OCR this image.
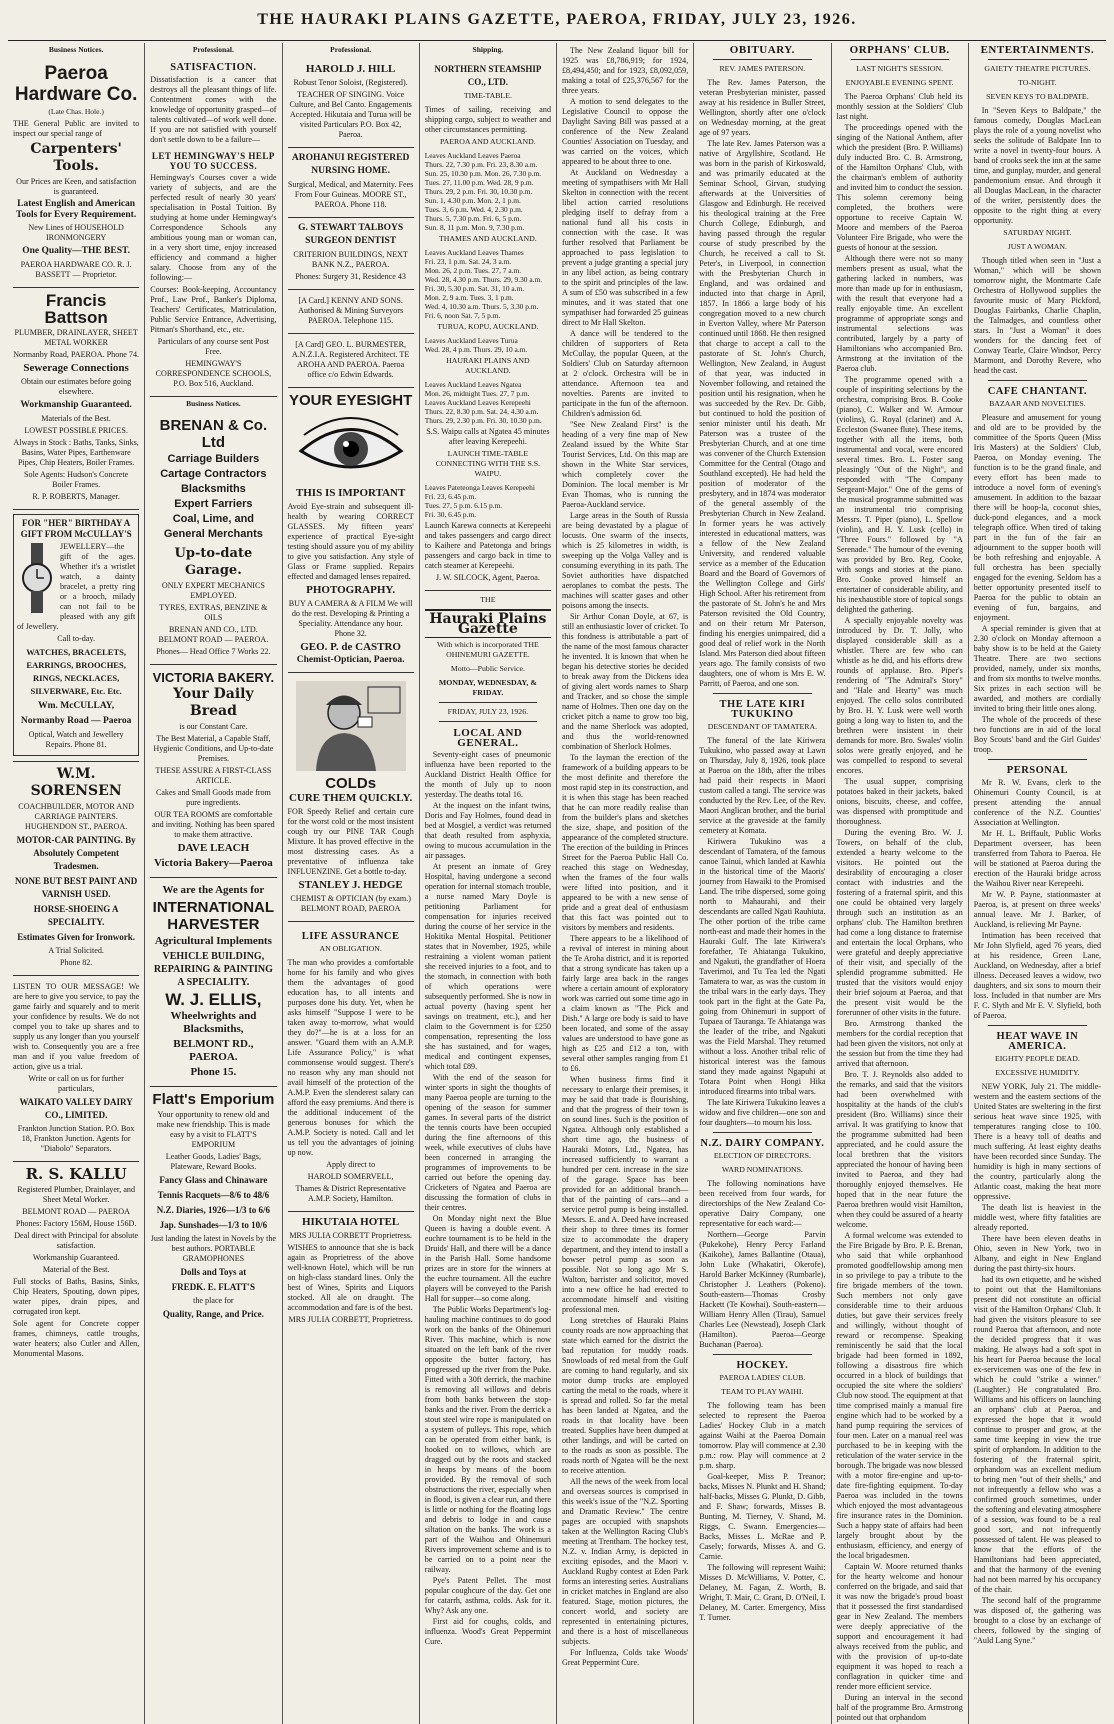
THE HAURAKI PLAINS GAZETTE, PAEROA, FRIDAY, JULY 23, 1926.
Business Notices.
Paeroa Hardware Co.

(Late Chas. Hole.)

THE General Public are invited to inspect our special range of

Carpenters' Tools.

Our Prices are Keen, and satisfaction is guaranteed.

Latest English and American Tools for Every Requirement.

New Lines of HOUSEHOLD IRONMONGERY

One Quality—THE BEST.

PAEROA HARDWARE CO. R. J. BASSETT — Proprietor.

Francis Battson

PLUMBER, DRAINLAYER, SHEET METAL WORKER

Normanby Road, PAEROA. Phone 74.

Sewerage Connections

Obtain our estimates before going elsewhere.

Workmanship Guaranteed.

Materials of the Best.

LOWEST POSSIBLE PRICES.

Always in Stock : Baths, Tanks, Sinks, Basins, Water Pipes, Earthenware Pipes, Chip Heaters, Boiler Frames.

Sole Agents: Hudson's Concrete Boiler Frames.

R. P. ROBERTS, Manager.

FOR "HER" BIRTHDAY A GIFT FROM McCULLAY'S

JEWELLERY—the gift of the ages. Whether it's a wristlet watch, a dainty bracelet, a pretty ring or a brooch, milady can not fail to be pleased with any gift of Jewellery.

Call to-day.

WATCHES, BRACELETS, EARRINGS, BROOCHES, RINGS, NECKLACES, SILVERWARE, Etc. Etc.

Wm. McCULLAY,

Normanby Road — Paeroa

Optical, Watch and Jewellery Repairs. Phone 81.

W.M. SORENSEN

COACHBUILDER, MOTOR AND CARRIAGE PAINTERS. HUGHENDON ST., PAEROA.

MOTOR-CAR PAINTING. By Absolutely Competent Tradesmen.

NONE BUT BEST PAINT AND VARNISH USED.

HORSE-SHOEING A SPECIALITY.

Estimates Given for Ironwork.

A Trial Solicited.

Phone 82.

LISTEN TO OUR MESSAGE! We are here to give you service, to pay the game fairly and squarely and to merit your confidence by results. We do not compel you to take up shares and to supply us any longer than you yourself wish to. Consequently you are a free man and if you value freedom of action, give us a trial.

Write or call on us for further particulars,

WAIKATO VALLEY DAIRY CO., LIMITED.

Frankton Junction Station. P.O. Box 18, Frankton Junction. Agents for "Diabolo" Separators.

R. S. KALLU

Registered Plumber, Drainlayer, and Sheet Metal Worker.

BELMONT ROAD — PAEROA

Phones: Factory 156M, House 156D.

Deal direct with Principal for absolute satisfaction.

Workmanship Guaranteed.

Material of the Best.

Full stocks of Baths, Basins, Sinks, Chip Heaters, Spouting, down pipes, water pipes, drain pipes, and corrugated iron kept.

Sole agent for Concrete copper frames, chimneys, cattle troughs, water heaters; also Cutler and Allen, Monumental Masons.

Professional.
SATISFACTION.

Dissatisfaction is a cancer that destroys all the pleasant things of life. Contentment comes with the knowledge of opportunity grasped—of talents cultivated—of work well done. If you are not satisfied with yourself don't settle down to be a failure—

LET HEMINGWAY'S HELP YOU TO SUCCESS.

Hemingway's Courses cover a wide variety of subjects, and are the perfected result of nearly 30 years' specialisation in Postal Tuition. By studying at home under Hemingway's Correspondence Schools any ambitious young man or woman can, in a very short time, enjoy increased efficiency and command a higher salary. Choose from any of the following:—

Courses: Book-keeping, Accountancy Prof., Law Prof., Banker's Diploma, Teachers' Certificates, Matriculation, Public Service Entrance, Advertising, Pitman's Shorthand, etc., etc.

Particulars of any course sent Post Free.

HEMINGWAY'S CORRESPONDENCE SCHOOLS, P.O. Box 516, Auckland.

Business Notices.
BRENAN & Co. Ltd

Carriage Builders

Cartage Contractors

Blacksmiths

Expert Farriers

Coal, Lime, and

General Merchants

Up-to-date Garage.

ONLY EXPERT MECHANICS EMPLOYED.

TYRES, EXTRAS, BENZINE & OILS

BRENAN AND CO., LTD. BELMONT ROAD — PAEROA.

Phones— Head Office 7 Works 22.

VICTORIA BAKERY.
Your Daily Bread

is our Constant Care.

The Best Material, a Capable Staff, Hygienic Conditions, and Up-to-date Premises.

THESE ASSURE A FIRST-CLASS ARTICLE.

Cakes and Small Goods made from pure ingredients.

OUR TEA ROOMS are comfortable and inviting. Nothing has been spared to make them attractive.

DAVE LEACH

Victoria Bakery—Paeroa

We are the Agents for

INTERNATIONAL HARVESTER

Agricultural Implements

VEHICLE BUILDING, REPAIRING & PAINTING A SPECIALITY.

W. J. ELLIS,

Wheelwrights and Blacksmiths,

BELMONT RD., PAEROA.

Phone 15.

Flatt's Emporium

Your opportunity to renew old and make new friendship. This is made easy by a visit to FLATT'S EMPORIUM

Leather Goods, Ladies' Bags, Plateware, Reward Books.

Fancy Glass and Chinaware

Tennis Racquets—8/6 to 48/6

N.Z. Diaries, 1926—1/3 to 6/6

Jap. Sunshades—1/3 to 10/6

Just landing the latest in Novels by the best authors. PORTABLE GRAMOPHONES

Dolls and Toys at

FREDK. E. FLATT'S

the place for

Quality, Range, and Price.

Professional.
HAROLD J. HILL

Robust Tenor Soloist, (Registered).

TEACHER OF SINGING. Voice Culture, and Bel Canto. Engagements Accepted. Hikutaia and Turua will be visited Particulars P.O. Box 42, Paeroa.

AROHANUI REGISTERED NURSING HOME.

Surgical, Medical, and Maternity. Fees From Four Guineas. MOORE ST., PAEROA. Phone 118.

G. STEWART TALBOYS SURGEON DENTIST

CRITERION BUILDINGS, NEXT BANK N.Z., PAEROA.

Phones: Surgery 31, Residence 43

[A Card.] KENNY AND SONS. Authorised & Mining Surveyors PAEROA. Telephone 115.

[A Card] GEO. L. BURMESTER, A.N.Z.I.A. Registered Architect. TE AROHA AND PAEROA. Paeroa office c/o Edwin Edwards.

YOUR EYESIGHT
THIS IS IMPORTANT

Avoid Eye-strain and subsequent ill-health by wearing CORRECT GLASSES. My fifteen years' experience of practical Eye-sight testing should assure you of my ability to give you satisfaction. Any style of Glass or Frame supplied. Repairs effected and damaged lenses repaired.

PHOTOGRAPHY.

BUY A CAMERA & A FILM We will do the rest. Developing & Printing a Speciality. Attendance any hour. Phone 32.

GEO. P. de CASTRO
Chemist-Optician, Paeroa.
COLDs
CURE THEM QUICKLY.

FOR Speedy Relief and certain cure for the worst cold or the most insistent cough try our PINE TAR Cough Mixture. It has proved effective in the most distressing cases. As a preventative of influenza take INFLUENZINE. Get a bottle to-day.

STANLEY J. HEDGE

CHEMIST & OPTICIAN (by exam.) BELMONT ROAD, PAEROA

LIFE ASSURANCE
AN OBLIGATION.

The man who provides a comfortable home for his family and who gives them the advantages of good education has, to all intents and purposes done his duty. Yet, when he asks himself "Suppose I were to be taken away to-morrow, what would they do?"—he is at a loss for an answer. "Guard them with an A.M.P. Life Assurance Policy," is what commonsense would suggest. There's no reason why any man should not avail himself of the protection of the A.M.P. Even the slenderest salary can afford the easy premiums. And there is the additional inducement of the generous bonuses for which the A.M.P. Society is noted. Call and let us tell you the advantages of joining up now.

Apply direct to

HAROLD SOMERVELL,

Thames & District Representative A.M.P. Society, Hamilton.

HIKUTAIA HOTEL

MRS JULIA CORBETT Proprietress.

WISHES to announce that she is back again as Proprietress of the above well-known Hotel, which will be run on high-class standard lines. Only the best of Wines, Spirits and Liquors stocked. All ale on draught. The accommodation and fare is of the best.

MRS JULIA CORBETT, Proprietress.

Shipping.
NORTHERN STEAMSHIP CO., LTD.
TIME-TABLE.

Times of sailing, receiving and shipping cargo, subject to weather and other circumstances permitting.

PAEROA AND AUCKLAND.
Leaves Auckland Leaves Paeroa
Thurs. 22, 7.30 p.m. Fri. 23, 8.30 a.m.
Sun. 25, 10.30 p.m. Mon. 26, 7.30 p.m.
Tues. 27, 11.00 p.m. Wed. 28, 9 p.m.
Thurs. 29, 2 p.m. Fri. 30, 10.30 p.m.
Sun. 1, 4.30 p.m. Mon. 2, 1 p.m.
Tues. 3, 6 p.m. Wed. 4, 2.30 p.m.
Thurs. 5, 7.30 p.m. Fri. 6, 5 p.m.
Sun. 8, 11 p.m. Mon. 9, 7.30 p.m.
THAMES AND AUCKLAND.
Leaves Auckland Leaves Thames
Fri. 23, 1 p.m. Sat. 24, 3 a.m.
Mon. 26, 2 p.m. Tues. 27, 7 a.m.
Wed. 28, 4.30 p.m. Thurs. 29, 9.30 a.m.
Fri. 30, 5.30 p.m. Sat. 31, 10 a.m.
Mon. 2, 9 a.m. Tues. 3, 1 p.m.
Wed. 4, 10.30 a.m. Thurs. 5, 3.30 p.m.
Fri. 6, noon Sat. 7, 5 p.m.
TURUA, KOPU, AUCKLAND.
Leaves Auckland Leaves Turua
Wed. 28, 4 p.m. Thurs. 29, 10 a.m.
HAURAKI PLAINS AND AUCKLAND.
Leaves Auckland Leaves Ngatea
Mon. 26, midnight Tues. 27, 7 p.m.
Leaves Auckland Leaves Kerepeehi
Thurs. 22, 8.30 p.m. Sat. 24, 4.30 a.m.
Thurs. 29, 2.30 p.m. Fri. 30, 10.30 p.m.

S.S. Waipu calls at Ngatea 45 minutes after leaving Kerepeehi.

LAUNCH TIME-TABLE CONNECTING WITH THE S.S. WAIPU.
Leaves Pateteonga Leaves Kerepeehi
Fri. 23, 6.45 p.m.
Tues. 27, 5 p.m. 6.15 p.m.
Fri. 30, 6.45 p.m.

Launch Karewa connects at Kerepeehi and takes passengers and cargo direct to Kaihere and Patetonga and brings passengers and cargo back in time to catch steamer at Kerepeehi.

J. W. SILCOCK, Agent, Paeroa.

THE
Hauraki Plains Gazette
With which is incorporated THE OHINEMURI GAZETTE.
Motto—Public Service.
MONDAY, WEDNESDAY, & FRIDAY.
FRIDAY, JULY 23, 1926.
LOCAL AND GENERAL.

Seventy-eight cases of pneumonic influenza have been reported to the Auckland District Health Office for the month of July up to noon yesterday. The deaths total 16.

At the inquest on the infant twins, Doris and Fay Holmes, found dead in bed at Mosgiel, a verdict was returned that death resulted from asphyxia, owing to mucous accumulation in the air passages.

At present an inmate of Grey Hospital, having undergone a second operation for internal stomach trouble, a nurse named Mary Doyle is petitioning Parliament for compensation for injuries received during the course of her service in the Hokitika Mental Hospital. Petitioner states that in November, 1925, while restraining a violent woman patient she received injuries to a foot, and to the stomach, in connection with both of which operations were subsequently performed. She is now in actual poverty (having spent her savings on treatment, etc.), and her claim to the Government is for £250 compensation, representing the loss she has sustained, and for wages, medical and contingent expenses, which total £89.

With the end of the season for winter sports in sight the thoughts of many Paeroa people are turning to the opening of the season for summer games. In several parts of the district the tennis courts have been occupied during the fine afternoons of this week, while executives of clubs have been concerned in arranging the programmes of improvements to be carried out before the opening day. Cricketers of Ngatea and Paeroa are discussing the formation of clubs in their centres.

On Monday night next the Blue Queen is having a double event. A euchre tournament is to be held in the Druids' Hall, and there will be a dance in the Parish Hall. Some handsome prizes are in store for the winners at the euchre tournament. All the euchre players will be conveyed to the Parish Hall for supper—so come along.

The Public Works Department's log-hauling machine continues to do good work on the banks of the Ohinemuri River. This machine, which is now situated on the left bank of the river opposite the butter factory, has progressed up the river from the Puke. Fitted with a 30ft derrick, the machine is removing all willows and debris from both banks between the stop-banks and the river. From the derrick a stout steel wire rope is manipulated on a system of pulleys. This rope, which can be operated from either bank, is hooked on to willows, which are dragged out by the roots and stacked in heaps by means of the boom provided. By the removal of such obstructions the river, especially when in flood, is given a clear run, and there is little or nothing for the floating logs and debris to lodge in and cause siltation on the banks. The work is a part of the Waihou and Ohinemuri Rivers improvement scheme and is to be carried on to a point near the railway.

Pye's Patent Pellet. The most popular coughcure of the day. Get one for catarrh, asthma, colds. Ask for it. Why? Ask any one.

First aid for coughs, colds, and influenza. Wood's Great Peppermint Cure.

The New Zealand liquor bill for 1925 was £8,786,919; for 1924, £8,494,450; and for 1923, £8,092,059, making a total of £25,376,567 for the three years.

A motion to send delegates to the Legislative Council to oppose the Daylight Saving Bill was passed at a conference of the New Zealand Counties' Association on Tuesday, and was carried on the voices, which appeared to be about three to one.

At Auckland on Wednesday a meeting of sympathisers with Mr Hall Skelton in connection with the recent libel action carried resolutions pledging itself to defray from a national fund all his costs in connection with the case. It was further resolved that Parliament be approached to pass legislation to prevent a judge granting a special jury in any libel action, as being contrary to the spirit and principles of the law. A sum of £50 was subscribed in a few minutes, and it was stated that one sympathiser had forwarded 25 guineas direct to Mr Hall Skelton.

A dance will be tendered to the children of supporters of Reta McCullay, the popular Queen, at the Soldiers' Club on Saturday afternoon at 2 o'clock. Orchestra will be in attendance. Afternoon tea and novelties. Parents are invited to participate in the fun of the afternoon. Children's admission 6d.

"See New Zealand First" is the heading of a very fine map of New Zealand issued by the White Star Tourist Services, Ltd. On this map are shown in the White Star services, which completely cover the Dominion. The local member is Mr Evan Thomas, who is running the Paeroa-Auckland service.

Large areas in the South of Russia are being devastated by a plague of locusts. One swarm of the insects, which is 25 kilometres in width, is sweeping up the Volga Valley and is consuming everything in its path. The Soviet authorities have dispatched aeroplanes to combat the pests. The machines will scatter gases and other poisons among the insects.

Sir Arthur Conan Doyle, at 67, is still an enthusiastic lover of cricket. To this fondness is attributable a part of the name of the most famous character he invented. It is known that when he began his detective stories he decided to break away from the Dickens idea of giving alert words names to Sharp and Tracker, and so chose the simple name of Holmes. Then one day on the cricket pitch a name to grow too big, and the name Sherlock was adopted, and thus the world-renowned combination of Sherlock Holmes.

To the layman the erection of the framework of a building appears to be the most definite and therefore the most rapid step in its construction, and it is when this stage has been reached that he can more readily realise than from the builder's plans and sketches the size, shape, and position of the appearance of the completed structure. The erection of the building in Princes Street for the Paeroa Public Hall Co. reached this stage on Wednesday, when the frames of the four walls were lifted into position, and it appeared to be with a new sense of pride and a great deal of enthusiasm that this fact was pointed out to visitors by members and residents.

There appears to be a likelihood of a revival of interest in mining about the Te Aroha district, and it is reported that a strong syndicate has taken up a fairly large area back in the ranges where a certain amount of exploratory work was carried out some time ago in a claim known as "The Pick and Dish." A large ore body is said to have been located, and some of the assay values are understood to have gone as high as £25 and £12 a ton, with several other samples ranging from £1 to £6.

When business firms find it necessary to enlarge their premises, it may be said that trade is flourishing, and that the progress of their town is on sound lines. Such is the position of Ngatea. Although only established a short time ago, the business of Hauraki Motors, Ltd., Ngatea, has increased sufficiently to warrant a hundred per cent. increase in the size of the garage. Space has been provided for an additional branch—that of the painting of cars—and a service petrol pump is being installed. Messrs. E. and A. Deed have increased their shop to three times its former size to accommodate the drapery department, and they intend to install a bowser petrol pump as soon as possible. Not so long ago Mr S. Walton, barrister and solicitor, moved into a new office he had erected to accommodate himself and visiting professional men.

Long stretches of Hauraki Plains county roads are now approaching that state which earned for the district the bad reputation for muddy roads. Snowloads of red metal from the Gulf are coming to hand regularly, and six motor dump trucks are employed carting the metal to the roads, where it is spread and rolled. So far the metal has been landed at Ngatea, and the roads in that locality have been treated. Supplies have been dumped at other landings, and will be carted on to the roads as soon as possible. The roads north of Ngatea will be the next to receive attention.

All the news of the week from local and overseas sources is comprised in this week's issue of the "N.Z. Sporting and Dramatic Review." The centre pages are occupied with snapshots taken at the Wellington Racing Club's meeting at Trentham. The hockey test, N.Z. v. Indian Army, is depicted in exciting episodes, and the Maori v. Auckland Rugby contest at Eden Park forms an interesting series. Australians in cricket matches in England are also featured. Stage, motion pictures, the concert world, and society are represented in entertaining pictures, and there is a host of miscellaneous subjects.

For Influenza, Colds take Woods' Great Peppermint Cure.

OBITUARY.
REV. JAMES PATERSON.

The Rev. James Paterson, the veteran Presbyterian minister, passed away at his residence in Buller Street, Wellington, shortly after one o'clock on Wednesday morning, at the great age of 97 years.

The late Rev. James Paterson was a native of Argyllshire, Scotland. He was born in the parish of Kirkoswald, and was primarily educated at the Seminar School, Girvan, studying afterwards at the Universities of Glasgow and Edinburgh. He received his theological training at the Free Church College, Edinburgh, and having passed through the regular course of study prescribed by the Church, he received a call to St. Peter's, in Liverpool, in connection with the Presbyterian Church in England, and was ordained and inducted into that charge in April, 1857. In 1866 a large body of his congregation moved to a new church in Everton Valley, where Mr Paterson continued until 1868. He then resigned that charge to accept a call to the pastorate of St. John's Church, Wellington, New Zealand, in August of that year, was inducted in November following, and retained the position until his resignation, when he was succeeded by the Rev. Dr. Gibb, but continued to hold the position of senior minister until his death. Mr Paterson was a trustee of the Presbyterian Church, and at one time was convener of the Church Extension Committee for the Central (Otago and Southland excepted). He had held the position of moderator of the presbytery, and in 1874 was moderator of the general assembly of the Presbyterian Church in New Zealand. In former years he was actively interested in educational matters, was a fellow of the New Zealand University, and rendered valuable service as a member of the Education Board and the Board of Governors of the Wellington College and Girls' High School. After his retirement from the pastorate of St. John's he and Mrs Paterson revisited the Old Country, and on their return Mr Paterson, finding his energies unimpaired, did a good deal of relief work in the North Island. Mrs Paterson died about fifteen years ago. The family consists of two daughters, one of whom is Mrs E. W. Parritt, of Paeroa, and one son.

THE LATE KIRI TUKUKINO
DESCENDANT OF TAMATERA.

The funeral of the late Kiriwera Tukukino, who passed away at Lawn on Thursday, July 8, 1926, took place at Paeroa on the 18th, after the tribes had paid their respects in Maori custom called a tangi. The service was conducted by the Rev. Lee, of the Rev. Maori Anglican brother, and the burial service at the graveside at the family cemetery at Komata.

Kiriwera Tukukino was a descendant of Tamatera, of the famous canoe Tainui, which landed at Kawhia in the historical time of the Maoris' journey from Hawaiki to the Promised Land. The tribe dispersed, some going north to Mahaurahi, and their descendants are called Ngati Rauhiuta. The other portion of the tribe came north-east and made their homes in the Hauraki Gulf. The late Kiriwera's forefather, Te Ahiatanga Tukukino, and Ngakuti, the grandfather of Hoera Taverimoi, and Tu Tea led the Ngati Tamatera to war, as was the custom in the tribal wars in the early days. They took part in the fight at the Gate Pa, going from Ohinemuri in support of Tupaea of Tauranga. Te Ahiatanga was the leader of the tribe, and Ngakuti was the Field Marshal. They returned without a loss. Another tribal relic of historical interest was the famous stand they made against Ngapuhi at Totara Point when Hongi Hika introduced firearms into tribal wars.

The late Kiriwera Tukukino leaves a widow and five children—one son and four daughters—to mourn his loss.

N.Z. DAIRY COMPANY.
ELECTION OF DIRECTORS.
WARD NOMINATIONS.

The following nominations have been received from four wards, for directorships of the New Zealand Co-operative Dairy Company, one representative for each ward:—

Northern—George Parvin (Pukekohe), Henry Percy Farland (Kaikohe), James Ballantine (Otaua), John Luke (Whakatiri, Okerofe), Harold Barker McKinney (Rumbarle), Christopher J. Leathers (Pokeno). South-eastern—Thomas Crosby Hackett (Te Kowhai). South-eastern—William Henry Allen (Tirau), Samuel Charles Lee (Newstead), Joseph Clark (Hamilton). Paeroa—George Buchanan (Paeroa).

HOCKEY.
PAEROA LADIES' CLUB.
TEAM TO PLAY WAIHI.

The following team has been selected to represent the Paeroa Ladies' Hockey Club in a match against Waihi at the Paeroa Domain tomorrow. Play will commence at 2.30 p.m.: row. Play will commence at 2 p.m. sharp.

Goal-keeper, Miss P. Treanor; backs, Misses N. Plunkt and H. Shand; half-backs, Misses G. Plunkt, D. Gibb, and F. Shaw; forwards, Misses B. Bunting, M. Tierney, V. Shand, M. Riggs, C. Swann. Emergencies—Backs, Misses L. McRae and P. Casely; forwards, Misses A. and G. Carnie.

The following will represent Waihi: Misses D. McWilliams, V. Potter, C. Delaney, M. Fagan, Z. Worth, B. Wright, T. Mair, C. Grant, D. O'Neil, I. Delaney, M. Carter. Emergency, Miss T. Turner.

ORPHANS' CLUB.
LAST NIGHT'S SESSION.
ENJOYABLE EVENING SPENT.

The Paeroa Orphans' Club held its monthly session at the Soldiers' Club last night.

The proceedings opened with the singing of the National Anthem, after which the president (Bro. P. Williams) duly inducted Bro. C. B. Armstrong, of the Hamilton Orphans' Club, with the chairman's emblem of authority and invited him to conduct the session. This solemn ceremony being completed, the brothers were opportune to receive Captain W. Moore and members of the Paeroa Volunteer Fire Brigade, who were the guests of honour at the session.

Although there were not so many members present as usual, what the gathering lacked in numbers, was more than made up for in enthusiasm, with the result that everyone had a really enjoyable time. An excellent programme of appropriate songs and instrumental selections was contributed, largely by a party of Hamiltonians who accompanied Bro. Armstrong at the invitation of the Paeroa club.

The programme opened with a couple of inspiriting selections by the orchestra, comprising Bros. B. Cooke (piano), C. Walker and W. Armour (violins), G. Royal (clarinet) and A. Eccleston (Swanee flute). These items, together with all the items, both instrumental and vocal, were encored several times. Bro. L. Foster sang pleasingly "Out of the Night", and responded with "The Company Sergeant-Major." One of the gems of the musical programme submitted was an instrumental trio comprising Messrs. T. Piper (piano), L. Spellow (violin), and H. Y. Lusk (cello) in "Three Fours." followed by "A Serenade." The humour of the evening was provided by Bro. Reg. Cooke, with songs and stories at the piano. Bro. Cooke proved himself an entertainer of considerable ability, and his inexhaustible store of topical songs delighted the gathering.

A specially enjoyable novelty was introduced by Dr. T. Jolly, who displayed considerable skill as a whistler. There are few who can whistle as he did, and his efforts drew rounds of applause. Bro. Piper's rendering of "The Admiral's Story" and "Hale and Hearty" was much enjoyed. The cello solos contributed by Bro. H. Y. Lusk were well worth going a long way to listen to, and the brethren were insistent in their demands for more. Bro. Swales' violin solos were greatly enjoyed, and he was compelled to respond to several encores.

The usual supper, comprising potatoes baked in their jackets, baked onions, biscuits, cheese, and coffee, was dispensed with promptitude and thoroughness.

During the evening Bro. W. J. Towers, on behalf of the club, extended a hearty welcome to the visitors. He pointed out the desirability of encouraging a closer contact with industries and the fostering of a fraternal spirit, and this one could be obtained very largely through such an institution as an orphans' club. The Hamilton brethren had come a long distance to fraternise and entertain the local Orphans, who were grateful and deeply appreciative of their visit, and specially of the splendid programme submitted. He trusted that the visitors would enjoy their brief sojourn at Paeroa, and that the present visit would be the forerunner of other visits in the future.

Bro. Armstrong thanked the members for the cordial reception that had been given the visitors, not only at the session but from the time they had arrived that afternoon.

Bro. T. J. Reynolds also added to the remarks, and said that the visitors had been overwhelmed with hospitality at the hands of the club's president (Bro. Williams) since their arrival. It was gratifying to know that the programme submitted had been appreciated, and he could assure the local brethren that the visitors appreciated the honour of having been invited to Paeroa, and they had thoroughly enjoyed themselves. He hoped that in the near future the Paeroa brethren would visit Hamilton, when they could be assured of a hearty welcome.

A formal welcome was extended to the Fire Brigade by Bro. P. E. Brenan, who said that while orphanhood promoted goodfellowship among men in so privilege to pay a tribute to the fire brigade members of the town. Such members not only gave considerable time to their arduous duties, but gave their services freely and willingly, without thought of reward or recompense. Speaking reminiscently he said that the local brigade had been formed in 1892, following a disastrous fire which occurred in a block of buildings that occupied the site where the soldiers' Club now stood. The equipment at that time comprised mainly a manual fire engine which had to be worked by a hand pump requiring the services of four men. Later on a manual reel was purchased to be in keeping with the reticulation of the water service in the borough. The brigade was now blessed with a motor fire-engine and up-to-date fire-fighting equipment. To-day Paeroa was included in the towns which enjoyed the most advantageous fire insurance rates in the Dominion. Such a happy state of affairs had been largely brought about by the enthusiasm, efficiency, and energy of the local brigadesmen.

Captain W. Moore returned thanks for the hearty welcome and honour conferred on the brigade, and said that it was now the brigade's proud boast that it possessed the first standardised gear in New Zealand. The members were deeply appreciative of the support and encouragement it had always received from the public, and with the provision of up-to-date equipment it was hoped to reach a conflagration in quicker time and render more efficient service.

During an interval in the second half of the programme Bro. Armstrong pointed out that orphandom

ENTERTAINMENTS.
GAIETY THEATRE PICTURES.
TO-NIGHT.
SEVEN KEYS TO BALDPATE.

In "Seven Keys to Baldpate," the famous comedy, Douglas MacLean plays the role of a young novelist who seeks the solitude of Baldpate Inn to write a novel in twenty-four hours. A band of crooks seek the inn at the same time, and gunplay, murder, and general pandemonium ensue. And through it all Douglas MacLean, in the character of the writer, persistently does the opposite to the right thing at every opportunity.

SATURDAY NIGHT.
JUST A WOMAN.

Though titled when seen in "Just a Woman," which will be shown tomorrow night, the Montmarte Cafe Orchestra of Hollywood supplies the favourite music of Mary Pickford, Douglas Fairbanks, Charlie Chaplin, the Talmadges, and countless other stars. In "Just a Woman" it does wonders for the dancing feet of Conway Tearle, Claire Windsor, Percy Marmont, and Dorothy Revere, who head the cast.

CAFE CHANTANT.
BAZAAR AND NOVELTIES.

Pleasure and amusement for young and old are to be provided by the committee of the Sports Queen (Miss Iris Masters) at the Soldiers' Club, Paeroa, on Monday evening. The function is to be the grand finale, and every effort has been made to introduce a novel form of evening's amusement. In addition to the bazaar there will be hoop-la, coconut shies, duck-pond elegances, and a mock telegraph office. When tired of taking part in the fun of the fair an adjournment to the supper booth will be both refreshing and enjoyable. A full orchestra has been specially engaged for the evening. Seldom has a better opportunity presented itself to Paeroa for the public to obtain an evening of fun, bargains, and enjoyment.

A special reminder is given that at 2.30 o'clock on Monday afternoon a baby show is to be held at the Gaiety Theatre. There are two sections provided, namely, under six months, and from six months to twelve months. Six prizes in each section will be awarded, and mothers are cordially invited to bring their little ones along.

The whole of the proceeds of these two functions are in aid of the local Boy Scouts' band and the Girl Guides' troop.

PERSONAL

Mr R. W. Evans, clerk to the Ohinemuri County Council, is at present attending the annual conference of the N.Z. Counties' Association at Wellington.

Mr H. L. Briffault, Public Works Department overseer, has been transferred from Tahora to Paeroa. He will be stationed at Paeroa during the erection of the Hauraki bridge across the Waihou River near Kerepeehi.

Mr W. P. Payne, stationmaster at Paeroa, is, at present on three weeks' annual leave. Mr J. Barker, of Auckland, is relieving Mr Payne.

Intimation has been received that Mr John Slyfield, aged 76 years, died at his residence, Green Lane, Auckland, on Wednesday, after a brief illness. Deceased leaves a widow, two daughters, and six sons to mourn their loss. Included in that number are Mrs F. C. Slyth and Mr E. V. Slyfield, both of Paeroa.

HEAT WAVE IN AMERICA.
EIGHTY PEOPLE DEAD.
EXCESSIVE HUMIDITY.

NEW YORK, July 21. The middle-western and the eastern sections of the United States are sweltering in the first serious heat wave since 1925, with temperatures ranging close to 100. There is a heavy toll of deaths and much suffering. At least eighty deaths have been recorded since Sunday. The humidity is high in many sections of the country, particularly along the Atlantic coast, making the heat more oppressive.

The death list is heaviest in the middle west, where fifty fatalities are already reported.

There have been eleven deaths in Ohio, seven in New York, two in Albany, and eight in New England during the past thirty-six hours.

had its own etiquette, and he wished to point out that the Hamiltonians present did not constitute an official visit of the Hamilton Orphans' Club. It had given the visitors pleasure to see round Paeroa that afternoon, and note the decided progress that it was making. He always had a soft spot in his heart for Paeroa because the local ex-servicemen was one of the few in which he could "strike a winner." (Laughter.) He congratulated Bro. Williams and his officers on launching an orphans' club at Paeroa, and expressed the hope that it would continue to prosper and grow, at the same time keeping in view the true spirit of orphandom. In addition to the fostering of the fraternal spirit, orphandom was an excellent medium to bring men "out of their shells," and not infrequently a fellow who was a confirmed grouch sometimes, under the softening and elevating atmosphere of a session, was found to be a real good sort, and not infrequently possessed of talent. He was pleased to know that the efforts of the Hamiltonians had been appreciated, and that the harmony of the evening had not been marred by his occupancy of the chair.

The second half of the programme was disposed of, the gathering was brought to a close by an exchange of cheers, followed by the singing of "Auld Lang Syne."
